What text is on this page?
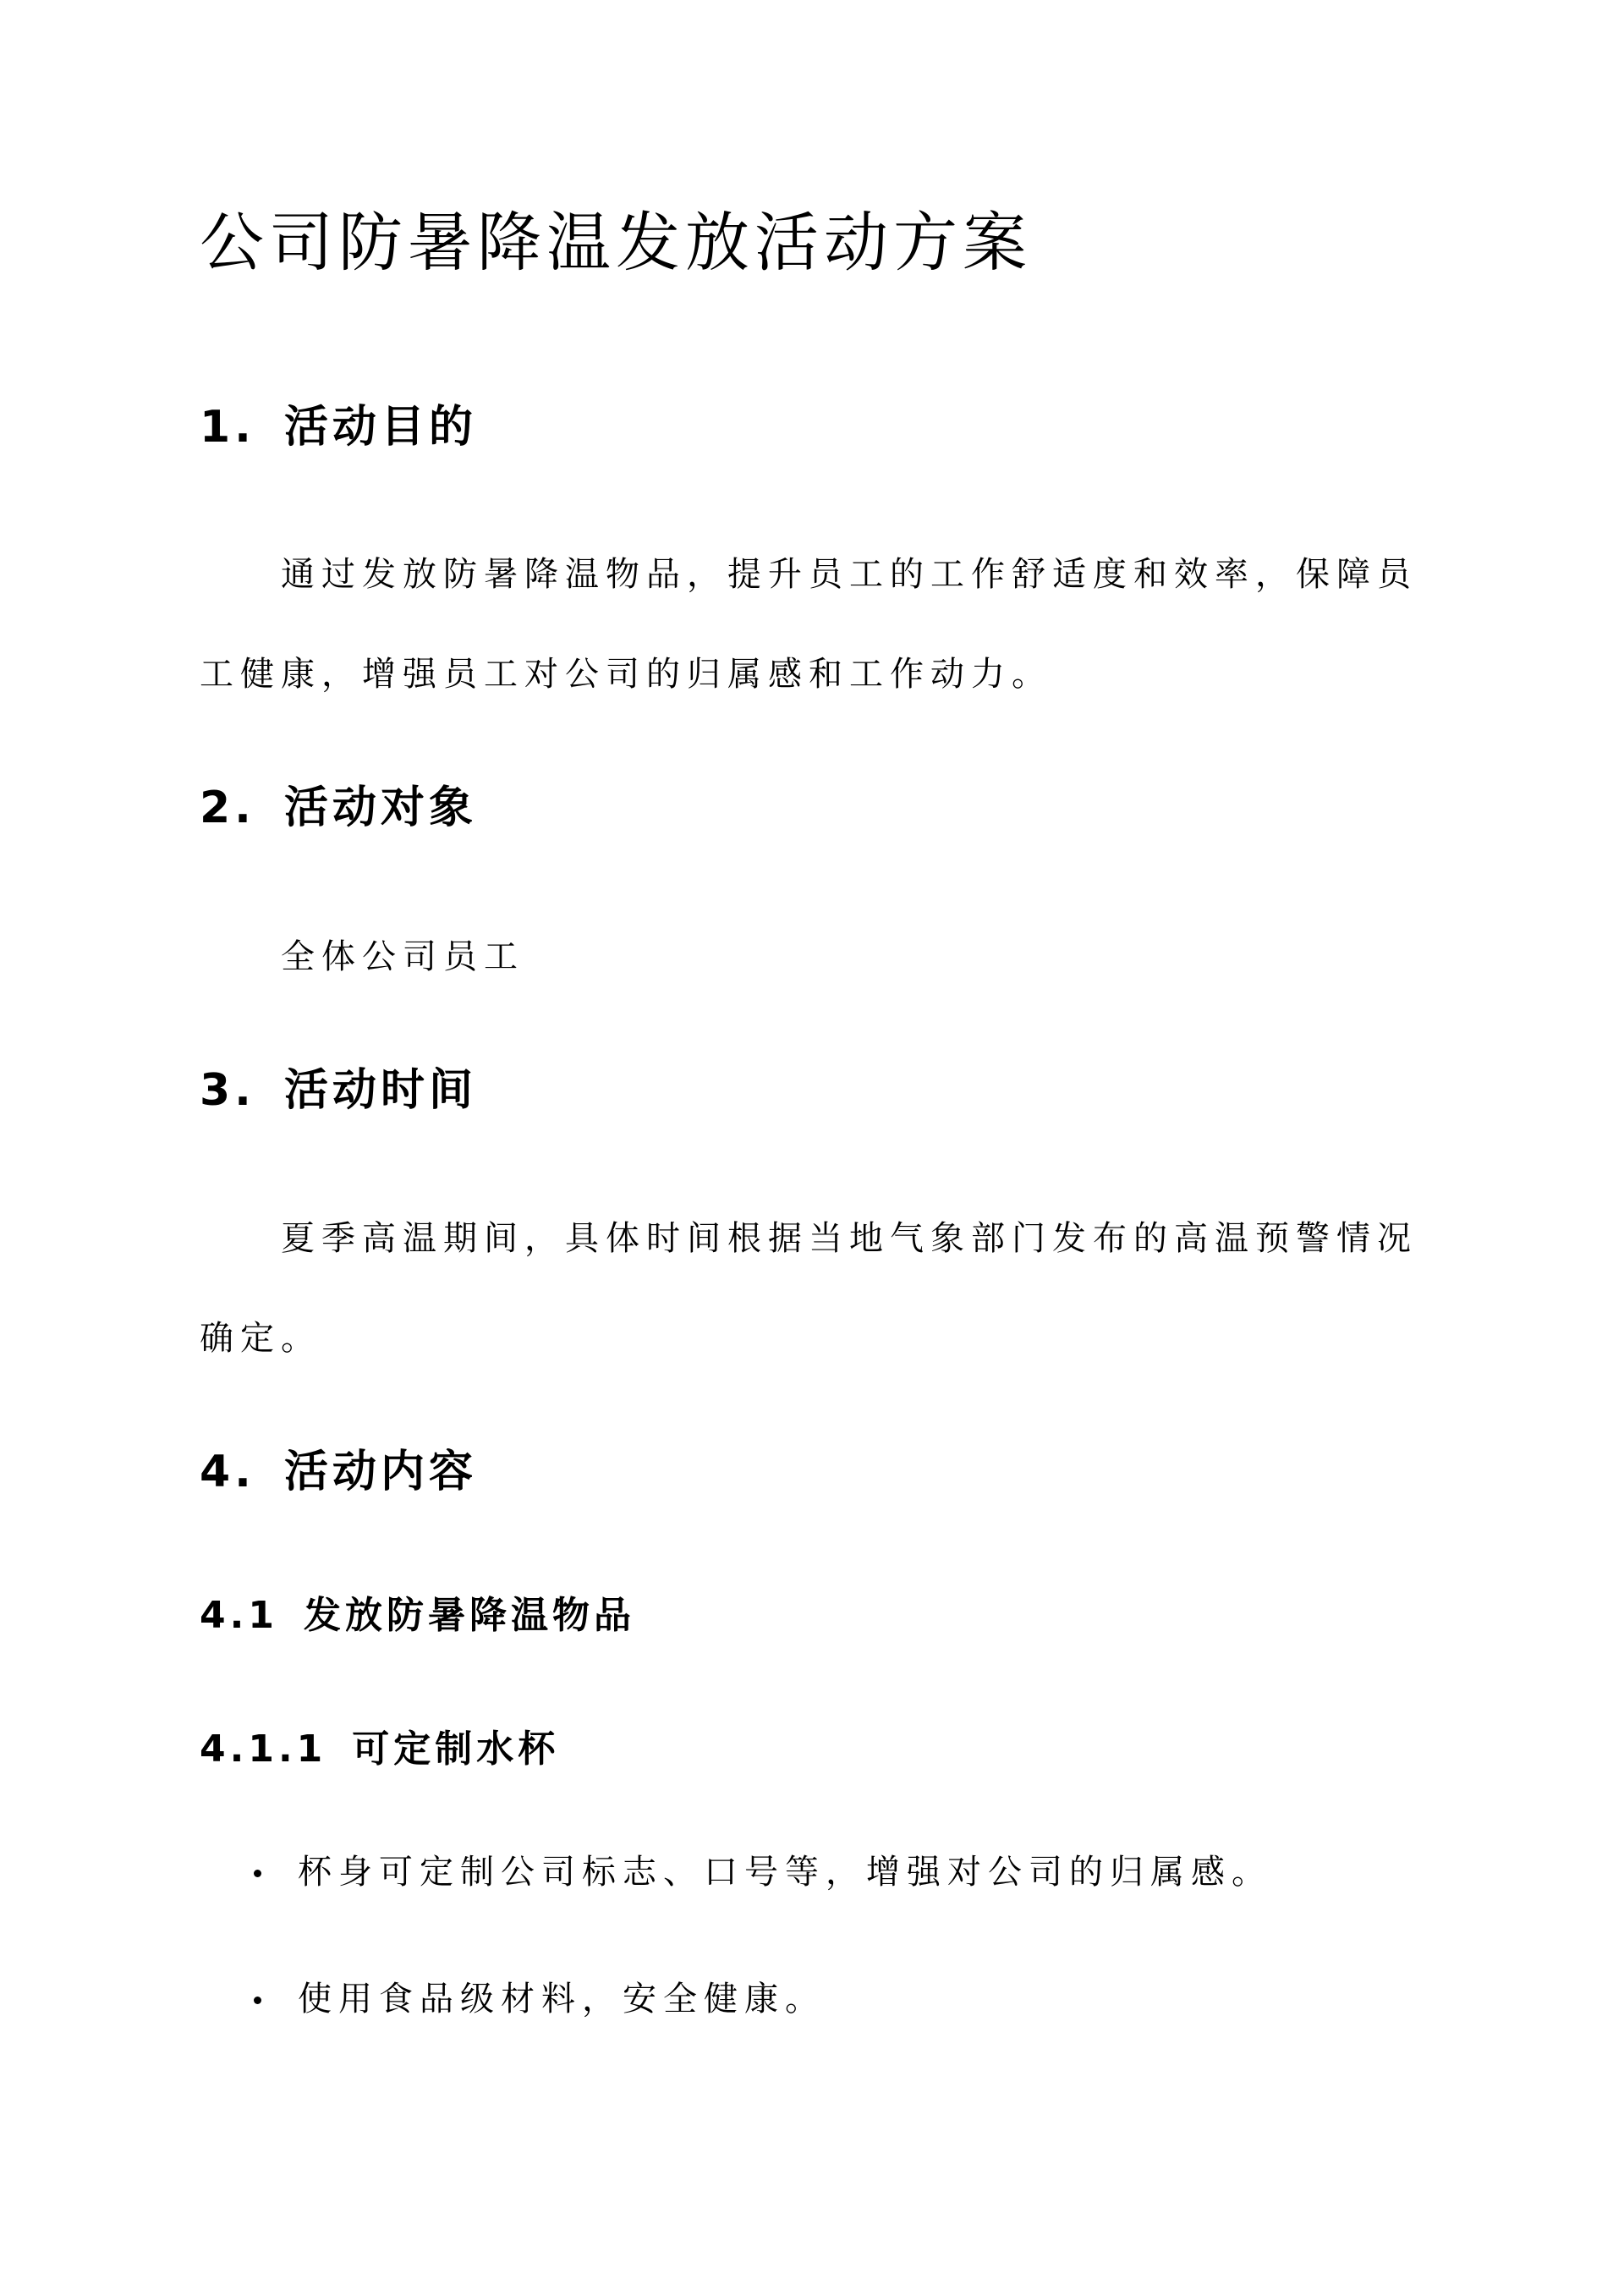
公司防暑降温发放活动方案
1. 活动目的

通过发放防暑降温物品，提升员工的工作舒适度和效率，保障员工健康，增强员工对公司的归属感和工作动力。

2. 活动对象

全体公司员工

3. 活动时间

夏季高温期间，具体时间根据当地气象部门发布的高温预警情况确定。

4. 活动内容
4.1 发放防暑降温物品
4.1.1 可定制水杯
杯身可定制公司标志、口号等，增强对公司的归属感。
使用食品级材料，安全健康。
